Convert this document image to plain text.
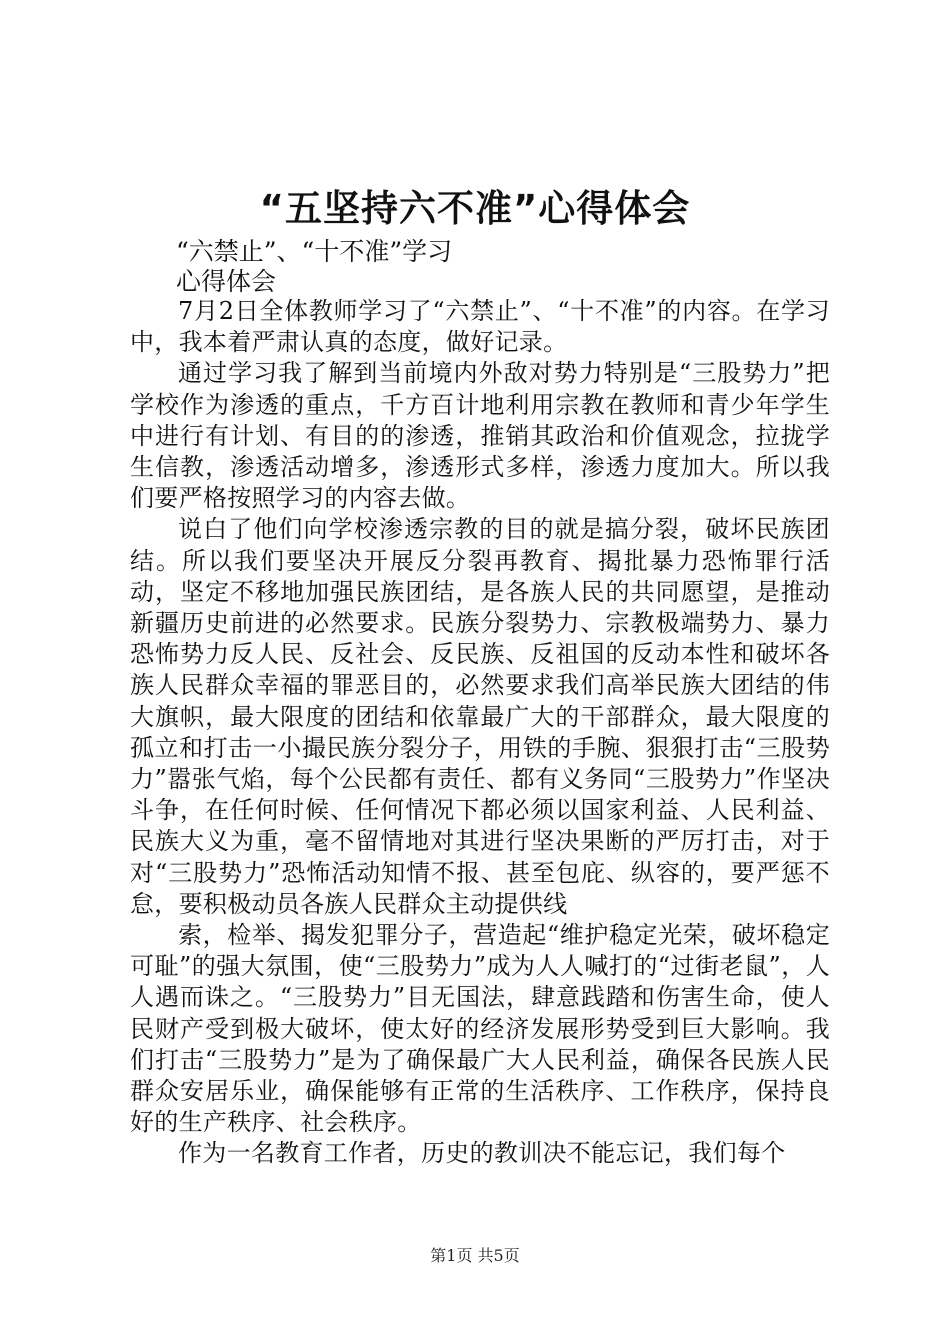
“五坚持六不准”心得体会

“六禁止”、“十不准”学习

心得体会

7月2日全体教师学习了“六禁止”、“十不准”的内容。在学习中，我本着严肃认真的态度，做好记录。

通过学习我了解到当前境内外敌对势力特别是“三股势力”把学校作为渗透的重点，千方百计地利用宗教在教师和青少年学生中进行有计划、有目的的渗透，推销其政治和价值观念，拉拢学生信教，渗透活动增多，渗透形式多样，渗透力度加大。所以我们要严格按照学习的内容去做。

说白了他们向学校渗透宗教的目的就是搞分裂，破坏民族团结。所以我们要坚决开展反分裂再教育、揭批暴力恐怖罪行活动，坚定不移地加强民族团结，是各族人民的共同愿望，是推动新疆历史前进的必然要求。民族分裂势力、宗教极端势力、暴力恐怖势力反人民、反社会、反民族、反祖国的反动本性和破坏各族人民群众幸福的罪恶目的，必然要求我们高举民族大团结的伟大旗帜，最大限度的团结和依靠最广大的干部群众，最大限度的孤立和打击一小撮民族分裂分子，用铁的手腕、狠狠打击“三股势力”嚣张气焰，每个公民都有责任、都有义务同“三股势力”作坚决斗争，在任何时候、任何情况下都必须以国家利益、人民利益、民族大义为重，毫不留情地对其进行坚决果断的严厉打击，对于对“三股势力”恐怖活动知情不报、甚至包庇、纵容的，要严惩不怠，要积极动员各族人民群众主动提供线

索，检举、揭发犯罪分子，营造起“维护稳定光荣，破坏稳定可耻”的强大氛围，使“三股势力”成为人人喊打的“过街老鼠”，人人遇而诛之。“三股势力”目无国法，肆意践踏和伤害生命，使人民财产受到极大破坏，使太好的经济发展形势受到巨大影响。我们打击“三股势力”是为了确保最广大人民利益，确保各民族人民群众安居乐业，确保能够有正常的生活秩序、工作秩序，保持良好的生产秩序、社会秩序。

作为一名教育工作者，历史的教训决不能忘记，我们每个

第1页 共5页
